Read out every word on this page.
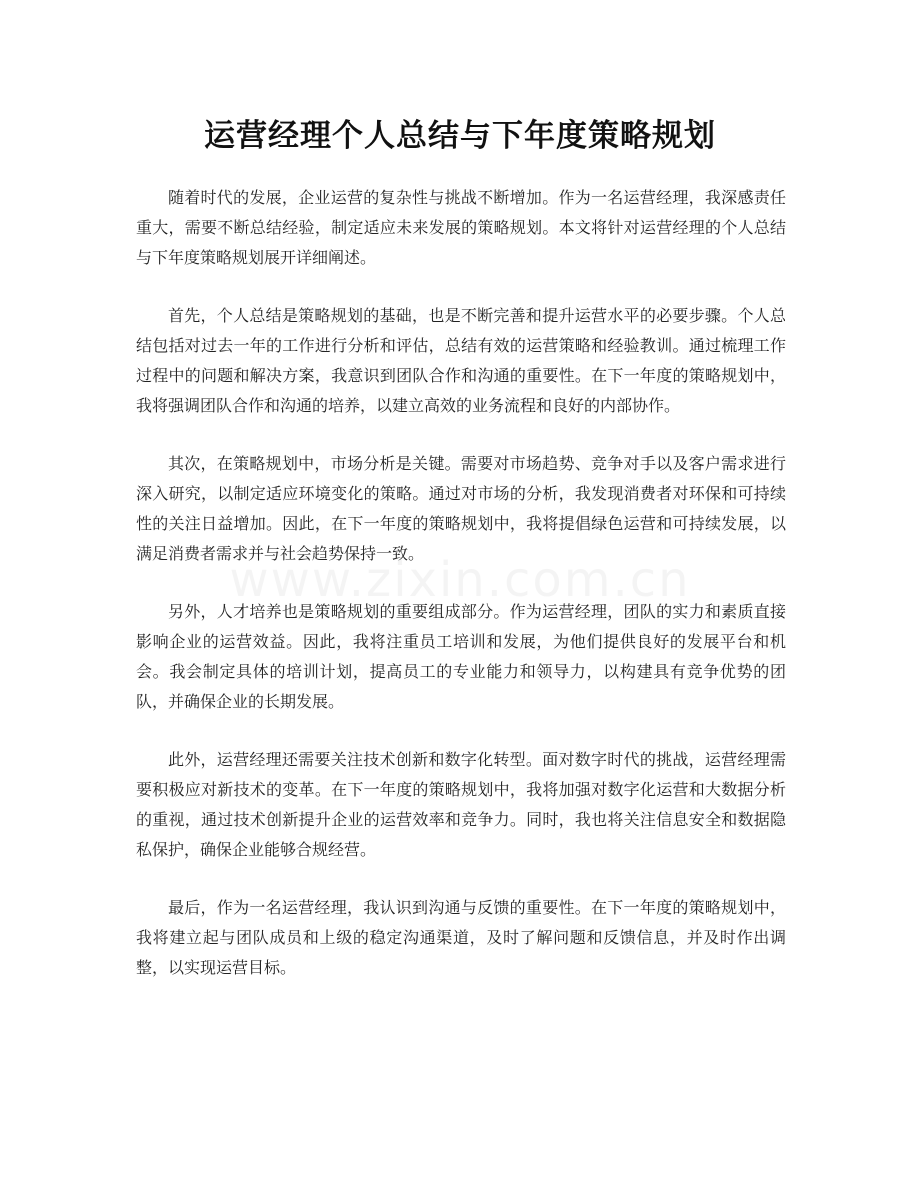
运营经理个人总结与下年度策略规划

随着时代的发展，企业运营的复杂性与挑战不断增加。作为一名运营经理，我深感责任重大，需要不断总结经验，制定适应未来发展的策略规划。本文将针对运营经理的个人总结与下年度策略规划展开详细阐述。

首先，个人总结是策略规划的基础，也是不断完善和提升运营水平的必要步骤。个人总结包括对过去一年的工作进行分析和评估，总结有效的运营策略和经验教训。通过梳理工作过程中的问题和解决方案，我意识到团队合作和沟通的重要性。在下一年度的策略规划中，我将强调团队合作和沟通的培养，以建立高效的业务流程和良好的内部协作。

其次，在策略规划中，市场分析是关键。需要对市场趋势、竞争对手以及客户需求进行深入研究，以制定适应环境变化的策略。通过对市场的分析，我发现消费者对环保和可持续性的关注日益增加。因此，在下一年度的策略规划中，我将提倡绿色运营和可持续发展，以满足消费者需求并与社会趋势保持一致。

另外，人才培养也是策略规划的重要组成部分。作为运营经理，团队的实力和素质直接影响企业的运营效益。因此，我将注重员工培训和发展，为他们提供良好的发展平台和机会。我会制定具体的培训计划，提高员工的专业能力和领导力，以构建具有竞争优势的团队，并确保企业的长期发展。

此外，运营经理还需要关注技术创新和数字化转型。面对数字时代的挑战，运营经理需要积极应对新技术的变革。在下一年度的策略规划中，我将加强对数字化运营和大数据分析的重视，通过技术创新提升企业的运营效率和竞争力。同时，我也将关注信息安全和数据隐私保护，确保企业能够合规经营。

最后，作为一名运营经理，我认识到沟通与反馈的重要性。在下一年度的策略规划中，我将建立起与团队成员和上级的稳定沟通渠道，及时了解问题和反馈信息，并及时作出调整，以实现运营目标。
